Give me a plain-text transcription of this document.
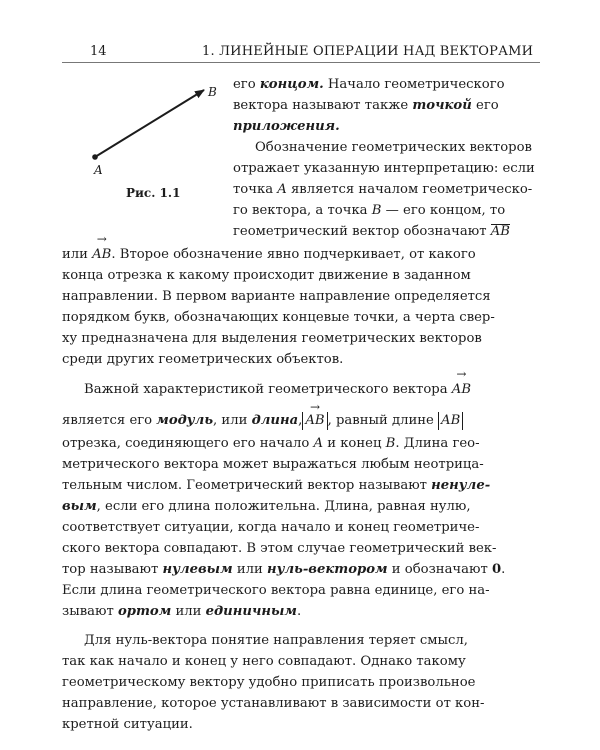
14	1. ЛИНЕЙНЫЕ ОПЕРАЦИИ НАД ВЕКТОРАМИ
A
B
Рис. 1.1
его концом. Начало геометрического
вектора называют также точкой его
приложения.
Обозначение геометрических векторов
отражает указанную интерпретацию: если
точка A является началом геометрическо-
го вектора, а точка B — его концом, то
геометрический вектор обозначают AB
или
→
AB. Второе обозначение явно подчеркивает, от какого
конца отрезка к какому происходит движение в заданном
направлении. В первом варианте направление определяется
порядком букв, обозначающих концевые точки, а черта свер-
ху предназначена для выделения геометрических векторов
среди других геометрических объектов.
Важной характеристикой геометрического вектора
→
AB
является его модуль, или длина,
→
AB , равный длине AB
отрезка, соединяющего его начало A и конец B. Длина гео-
метрического вектора может выражаться любым неотрица-
тельным числом. Геометрический вектор называют ненуле-
вым, если его длина положительна. Длина, равная нулю,
соответствует ситуации, когда начало и конец геометриче-
ского вектора совпадают. В этом случае геометрический век-
тор называют нулевым или нуль-вектором и обозначают 0.
Если длина геометрического вектора равна единице, его на-
зывают ортом или единичным.
Для нуль-вектора понятие направления теряет смысл,
так как начало и конец у него совпадают. Однако такому
геометрическому вектору удобно приписать произвольное
направление, которое устанавливают в зависимости от кон-
кретной ситуации.
